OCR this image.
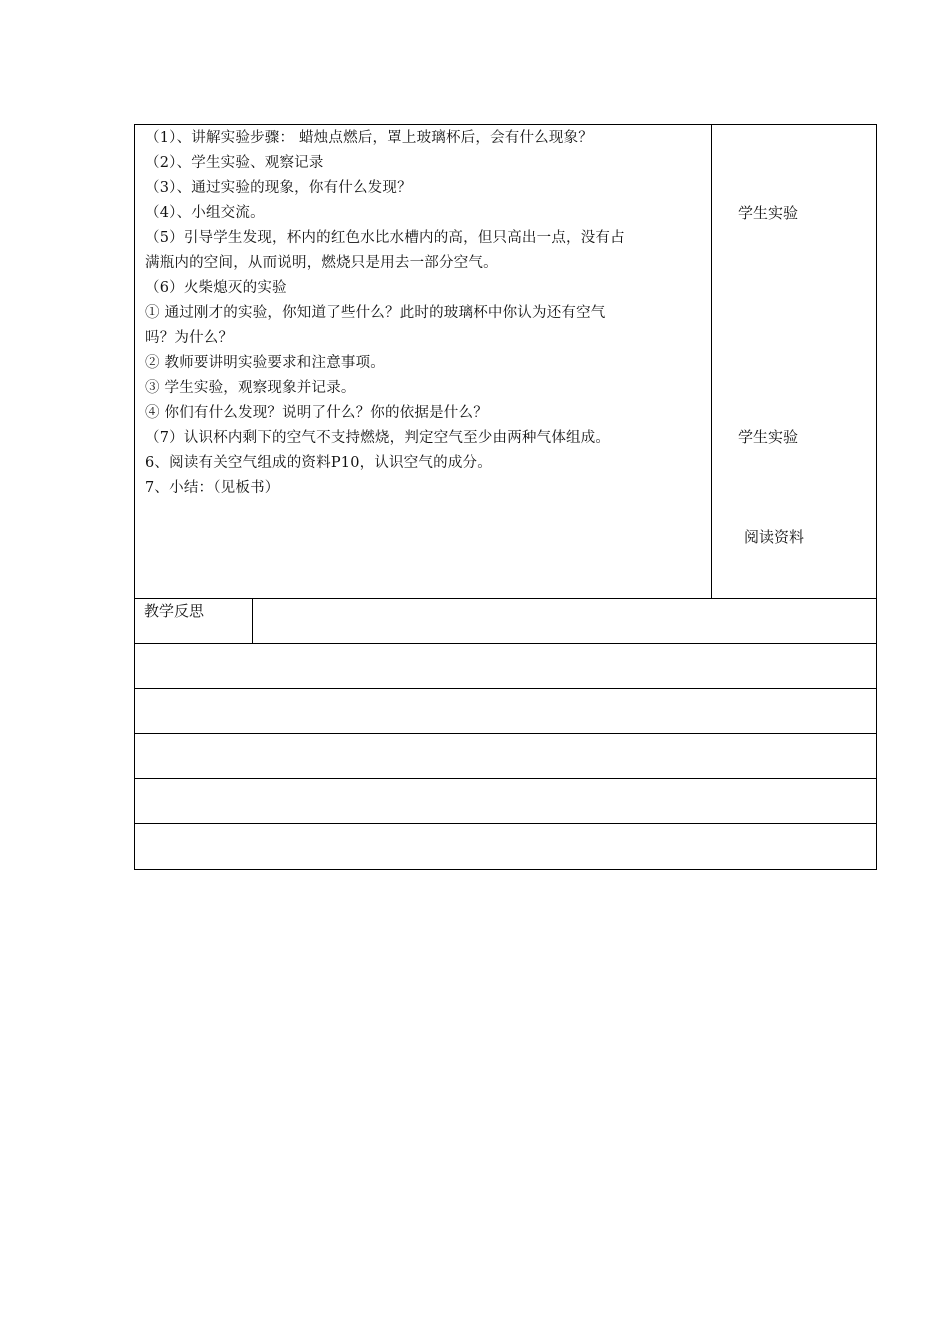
（1）、讲解实验步骤： 蜡烛点燃后，罩上玻璃杯后，会有什么现象？
（2）、学生实验、观察记录
（3）、通过实验的现象，你有什么发现？
（4）、小组交流。
（5）引导学生发现，杯内的红色水比水槽内的高，但只高出一点，没有占
满瓶内的空间，从而说明，燃烧只是用去一部分空气。
（6）火柴熄灭的实验
① 通过刚才的实验，你知道了些什么？此时的玻璃杯中你认为还有空气
吗？为什么？
② 教师要讲明实验要求和注意事项。
③ 学生实验，观察现象并记录。
④ 你们有什么发现？说明了什么？你的依据是什么？
（7）认识杯内剩下的空气不支持燃烧，判定空气至少由两种气体组成。
6、阅读有关空气组成的资料P10，认识空气的成分。
7、小结：（见板书）
学生实验
学生实验
阅读资料
教学反思
